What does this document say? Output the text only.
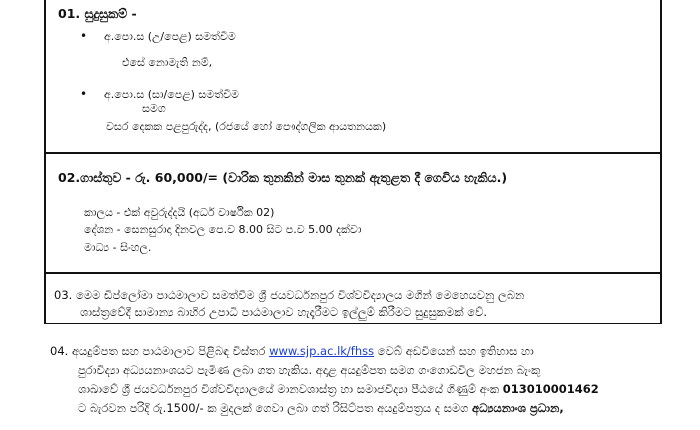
01. සුදුසුකම් -
• අ.පො.ස (උ/පෙළ) සමත්වීම
එසේ නොමැති නම්,
• අ.පො.ස (සා/පෙළ) සමත්වීම
සමග
වසර දෙකක පළපුරුද්ද, (රජයේ හෝ පෞද්ගලික ආයතනයක)
02.ගාස්තුව - රු. 60,000/= (වාරික තුනකින් මාස තුනක් ඇතුළත දී ගෙවිය හැකිය.)
කාලය - එක් අවුරුද්දයි (අර්ධ වාර්ෂික 02)
දේශන - සෙනසුරාදා දිනවල පෙ.ව 8.00 සිට ප.ව 5.00 දක්වා
මාධ්‍ය - සිංහල.
03. මෙම ඩිප්ලෝමා පාඨමාලාව සමත්වීම ශ්‍රී ජයවර්ධනපුර විශ්වවිද්‍යාලය මගින් මෙහෙයවනු ලබන
ශාස්ත්‍රවේදී සාමාන්‍ය බාහිර උපාධි පාඨමාලාව හැදෑරීමට ඉල්ලුම් කිරීමට සුදුසුකමක් වේ.
04. අයදුම්පත සහ පාඨමාලාව පිළිබඳ විස්තර www.sjp.ac.lk/fhss වෙබ් අඩවියෙන් සහ ඉතිහාස හා
පුරාවිද්‍යා අධ්‍යයනාංශයට පැමිණ ලබා ගත හැකිය. අදාළ අයදුම්පත සමග ගංගොඩවිල මහජන බැංකු
ශාඛාවේ ශ්‍රී ජයවර්ධනපුර විශ්වවිද්‍යාලයේ මානවශාස්ත්‍ර හා සමාජවිද්‍යා පීඨයේ ගිණුම් අංක 013010001462
ට බැරවන පරිදි රු.1500/- ක මුදලක් ගෙවා ලබා ගත් රිසිට්පත අයදුම්පත්‍රය ද සමග අධ්‍යයනාංශ ප්‍රධාන,
